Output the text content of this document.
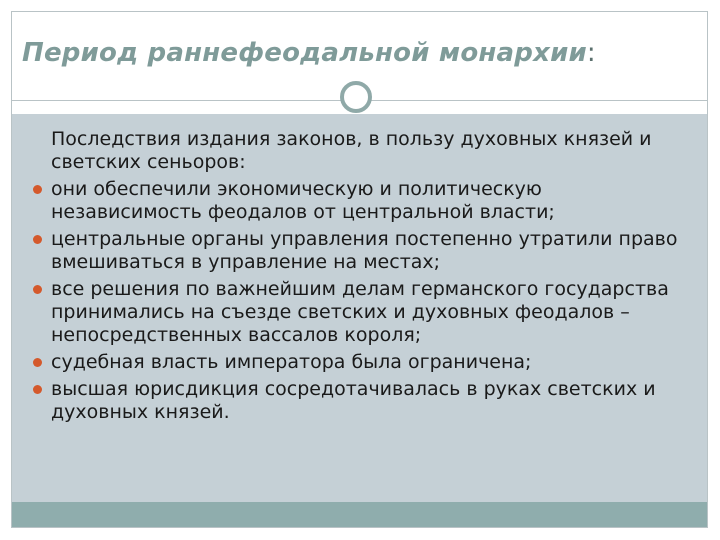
Период раннефеодальной монархии:

Последствия издания законов, в пользу духовных князей и светских сеньоров:

они обеспечили экономическую и политическую независимость феодалов от центральной власти;
центральные органы управления постепенно утратили право вмешиваться в управление на местах;
все решения по важнейшим делам германского государства принимались на съезде светских и духовных феодалов – непосредственных вассалов короля;
судебная власть императора была ограничена;
высшая юрисдикция сосредотачивалась в руках светских и духовных князей.
